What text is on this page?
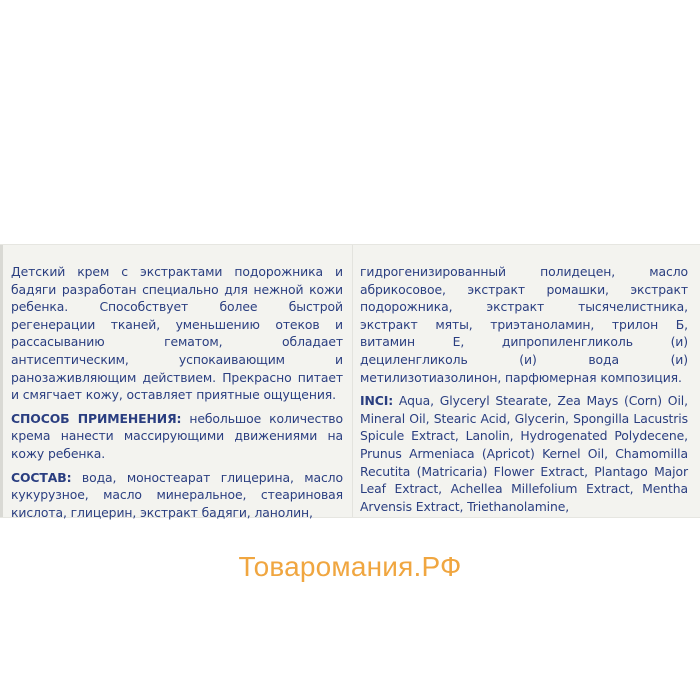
Детский крем с экстрактами подорожника и бадяги разработан специально для нежной кожи ребенка. Способствует более быстрой регенерации тканей, уменьшению отеков и рассасыванию гематом, обладает антисептическим, успокаивающим и ранозаживляющим действием. Прекрасно питает и смягчает кожу, оставляет приятные ощущения.

СПОСОБ ПРИМЕНЕНИЯ: небольшое количество крема нанести массирующими движениями на кожу ребенка.

СОСТАВ: вода, моностеарат глицерина, масло кукурузное, масло минеральное, стеариновая кислота, глицерин, экстракт бадяги, ланолин,

гидрогенизированный полидецен, масло абрикосовое, экстракт ромашки, экстракт подорожника, экстракт тысячелистника, экстракт мяты, триэтаноламин, трилон Б, витамин Е, дипропиленгликоль (и) дециленгликоль (и) вода (и) метилизотиазолинон, парфюмерная композиция.

INCI: Aqua, Glyceryl Stearate, Zea Mays (Corn) Oil, Mineral Oil, Stearic Acid, Glycerin, Spongilla Lacustris Spicule Extract, Lanolin, Hydrogenated Polydecene, Prunus Armeniaca (Apricot) Kernel Oil, Chamomilla Recutita (Matricaria) Flower Extract, Plantago Major Leaf Extract, Achellea Millefolium Extract, Mentha Arvensis Extract, Triethanolamine,

Товаромания.РФ
